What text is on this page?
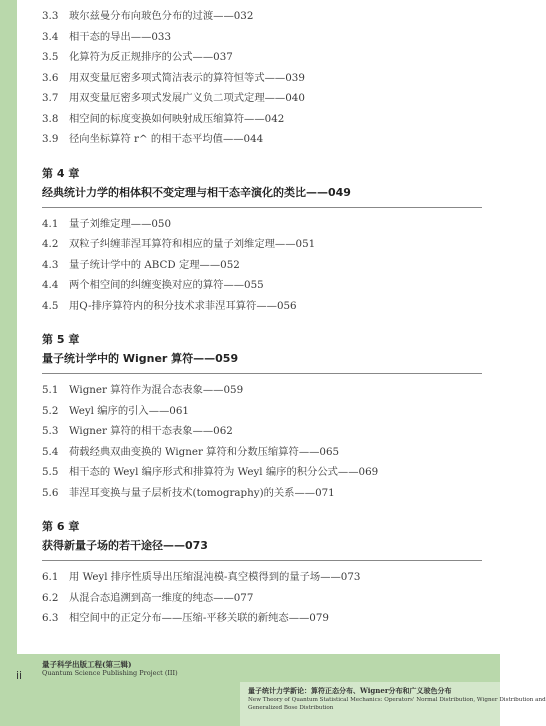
3.3 玻尔兹曼分布向玻色分布的过渡——032
3.4 相干态的导出——033
3.5 化算符为反正规排序的公式——037
3.6 用双变量厄密多项式简洁表示的算符恒等式——039
3.7 用双变量厄密多项式发展广义负二项式定理——040
3.8 相空间的标度变换如何映射成压缩算符——042
3.9 径向坐标算符 r^ 的相干态平均值——044
第 4 章
经典统计力学的相体积不变定理与相干态辛演化的类比——049
4.1 量子刘维定理——050
4.2 双粒子纠缠菲涅耳算符和相应的量子刘维定理——051
4.3 量子统计学中的 ABCD 定理——052
4.4 两个相空间的纠缠变换对应的算符——055
4.5 用Q-排序算符内的积分技术求菲涅耳算符——056
第 5 章
量子统计学中的 Wigner 算符——059
5.1 Wigner 算符作为混合态表象——059
5.2 Weyl 编序的引入——061
5.3 Wigner 算符的相干态表象——062
5.4 荷载经典双曲变换的 Wigner 算符和分数压缩算符——065
5.5 相干态的 Weyl 编序形式和排算符为 Weyl 编序的积分公式——069
5.6 菲涅耳变换与量子层析技术(tomography)的关系——071
第 6 章
获得新量子场的若干途径——073
6.1 用 Weyl 排序性质导出压缩混沌模-真空模得到的量子场——073
6.2 从混合态追溯到高一维度的纯态——077
6.3 相空间中的正定分布——压缩-平移关联的新纯态——079
ii
量子科学出版工程(第三辑)
Quantum Science Publishing Project (III)
量子统计力学新论：算符正态分布、Wigner分布和广义玻色分布
New Theory of Quantum Statistical Mechanics: Operators' Normal Distribution, Wigner Distribution and
Generalized Bose Distribution
